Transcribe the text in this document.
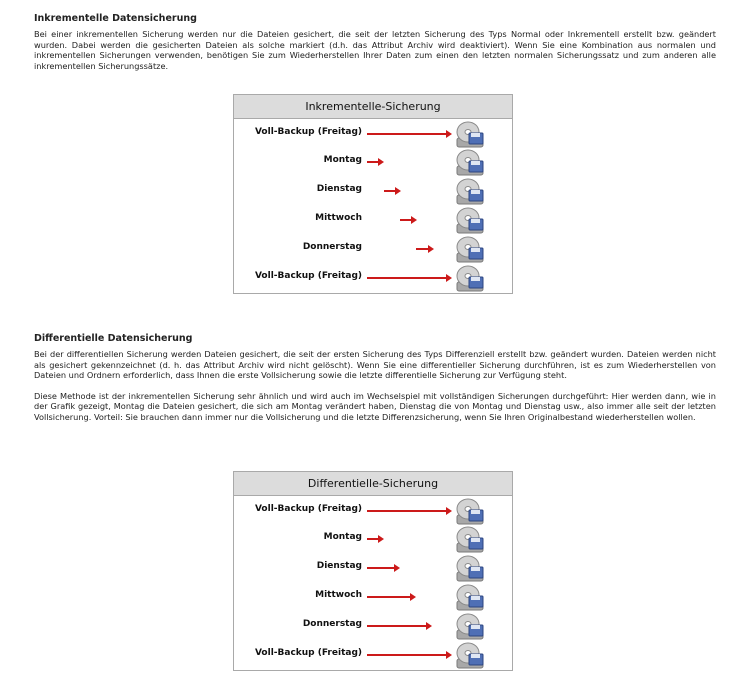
Inkrementelle Datensicherung

Bei einer inkrementellen Sicherung werden nur die Dateien gesichert, die seit der letzten Sicherung des Typs Normal oder Inkrementell erstellt bzw. geändert wurden. Dabei werden die gesicherten Dateien als solche markiert (d.h. das Attribut Archiv wird deaktiviert). Wenn Sie eine Kombination aus normalen und inkrementellen Sicherungen verwenden, benötigen Sie zum Wiederherstellen Ihrer Daten zum einen den letzten normalen Sicherungssatz und zum anderen alle inkrementellen Sicherungssätze.

Inkrementelle-Sicherung
Voll-Backup (Freitag)
Montag
Dienstag
Mittwoch
Donnerstag
Voll-Backup (Freitag)
Differentielle Datensicherung

Bei der differentiellen Sicherung werden Dateien gesichert, die seit der ersten Sicherung des Typs Differenziell erstellt bzw. geändert wurden. Dateien werden nicht als gesichert gekennzeichnet (d. h. das Attribut Archiv wird nicht gelöscht). Wenn Sie eine differentieller Sicherung durchführen, ist es zum Wiederherstellen von Dateien und Ordnern erforderlich, dass Ihnen die erste Vollsicherung sowie die letzte differentielle Sicherung zur Verfügung steht.

Diese Methode ist der inkrementellen Sicherung sehr ähnlich und wird auch im Wechselspiel mit vollständigen Sicherungen durchgeführt: Hier werden dann, wie in der Grafik gezeigt, Montag die Dateien gesichert, die sich am Montag verändert haben, Dienstag die von Montag und Dienstag usw., also immer alle seit der letzten Vollsicherung. Vorteil: Sie brauchen dann immer nur die Vollsicherung und die letzte Differenzsicherung, wenn Sie Ihren Originalbestand wiederherstellen wollen.

Differentielle-Sicherung
Voll-Backup (Freitag)
Montag
Dienstag
Mittwoch
Donnerstag
Voll-Backup (Freitag)
